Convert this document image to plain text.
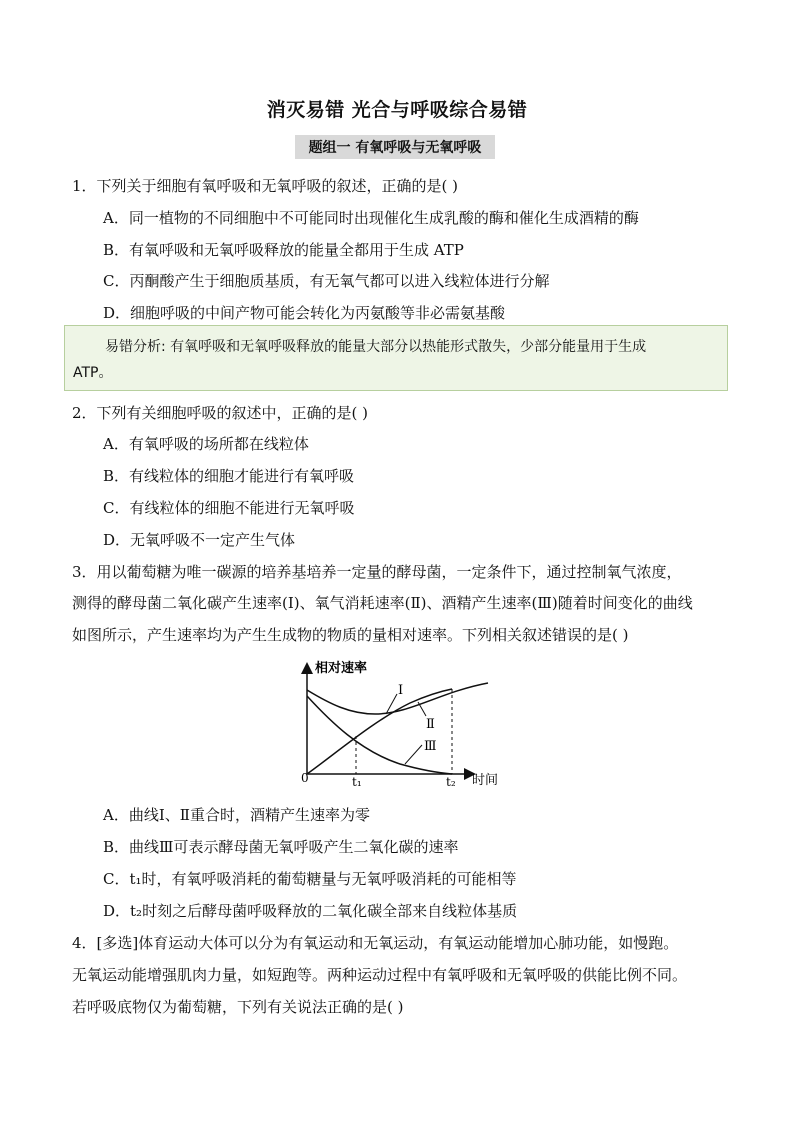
消灭易错 光合与呼吸综合易错
题组一 有氧呼吸与无氧呼吸
1．下列关于细胞有氧呼吸和无氧呼吸的叙述，正确的是( )
A．同一植物的不同细胞中不可能同时出现催化生成乳酸的酶和催化生成酒精的酶
B．有氧呼吸和无氧呼吸释放的能量全都用于生成 ATP
C．丙酮酸产生于细胞质基质，有无氧气都可以进入线粒体进行分解
D．细胞呼吸的中间产物可能会转化为丙氨酸等非必需氨基酸

易错分析: 有氧呼吸和无氧呼吸释放的能量大部分以热能形式散失，少部分能量用于生成

ATP。

2．下列有关细胞呼吸的叙述中，正确的是( )
A．有氧呼吸的场所都在线粒体
B．有线粒体的细胞才能进行有氧呼吸
C．有线粒体的细胞不能进行无氧呼吸
D．无氧呼吸不一定产生气体
3．用以葡萄糖为唯一碳源的培养基培养一定量的酵母菌，一定条件下，通过控制氧气浓度，
测得的酵母菌二氧化碳产生速率(Ⅰ)、氧气消耗速率(Ⅱ)、酒精产生速率(Ⅲ)随着时间变化的曲线
如图所示，产生速率均为产生生成物的物质的量相对速率。下列相关叙述错误的是( )
相对速率
时间
0
Ⅰ
Ⅱ
Ⅲ
t₁	t₂
A．曲线Ⅰ、Ⅱ重合时，酒精产生速率为零
B．曲线Ⅲ可表示酵母菌无氧呼吸产生二氧化碳的速率
C．t₁时，有氧呼吸消耗的葡萄糖量与无氧呼吸消耗的可能相等
D．t₂时刻之后酵母菌呼吸释放的二氧化碳全部来自线粒体基质
4．[多选]体育运动大体可以分为有氧运动和无氧运动，有氧运动能增加心肺功能，如慢跑。
无氧运动能增强肌肉力量，如短跑等。两种运动过程中有氧呼吸和无氧呼吸的供能比例不同。
若呼吸底物仅为葡萄糖，下列有关说法正确的是( )
